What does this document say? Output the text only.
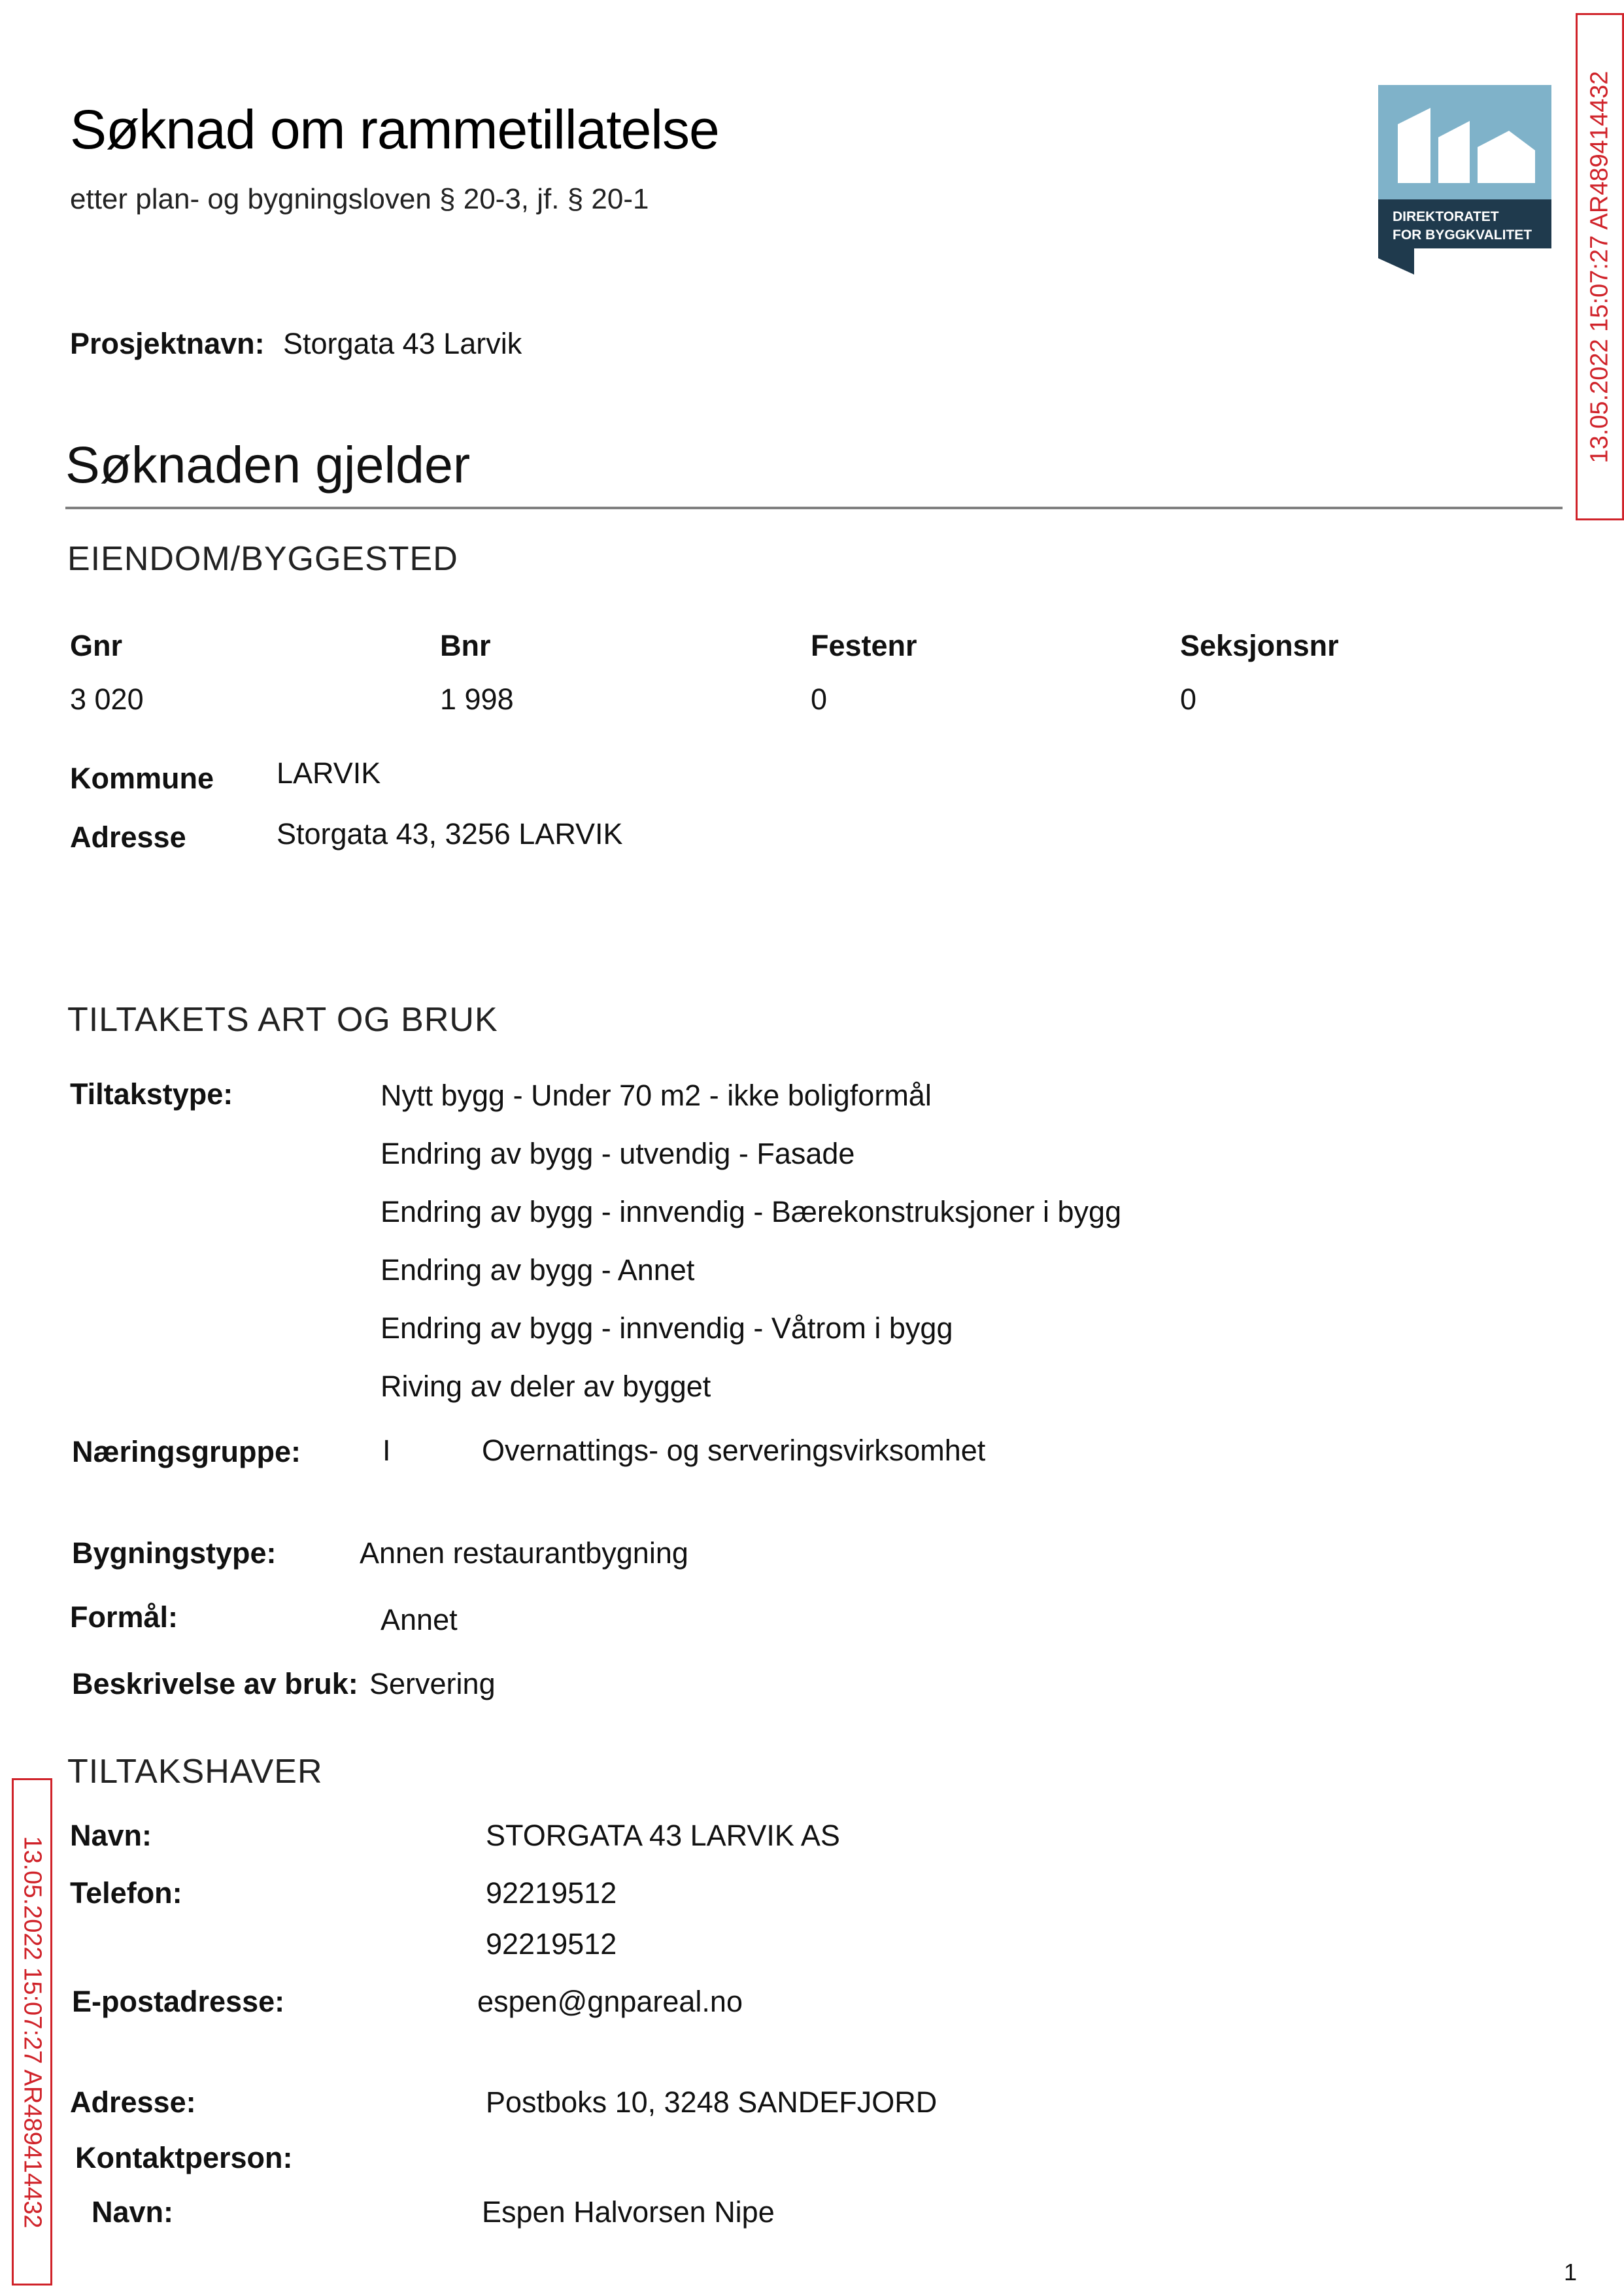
Søknad om rammetillatelse
etter plan- og bygningsloven § 20-3, jf. § 20-1
DIREKTORATET
FOR BYGGKVALITET 13.05.2022 15:07:27 AR489414432
Prosjektnavn: Storgata 43 Larvik
Søknaden gjelder
EIENDOM/BYGGESTED
Gnr	Bnr	Festenr	Seksjonsnr
3 020	1 998	0	0
Kommune LARVIK
Adresse	Storgata 43, 3256 LARVIK
TILTAKETS ART OG BRUK
Tiltakstype:	Nytt bygg - Under 70 m2 - ikke boligformål
Endring av bygg - utvendig - Fasade
Endring av bygg - innvendig - Bærekonstruksjoner i bygg
Endring av bygg - Annet
Endring av bygg - innvendig - Våtrom i bygg
Riving av deler av bygget
Næringsgruppe:	I	Overnattings- og serveringsvirksomhet
Bygningstype:	Annen restaurantbygning
Formål:	Annet
Beskrivelse av bruk: Servering
TILTAKSHAVER
Navn:	STORGATA 43 LARVIK AS
Telefon:	92219512
92219512
E-postadresse:	espen@gnpareal.no
Adresse:	Postboks 10, 3248 SANDEFJORD
Kontaktperson:
Navn:	Espen Halvorsen Nipe
13.05.2022 15:07:27 AR489414432
1
